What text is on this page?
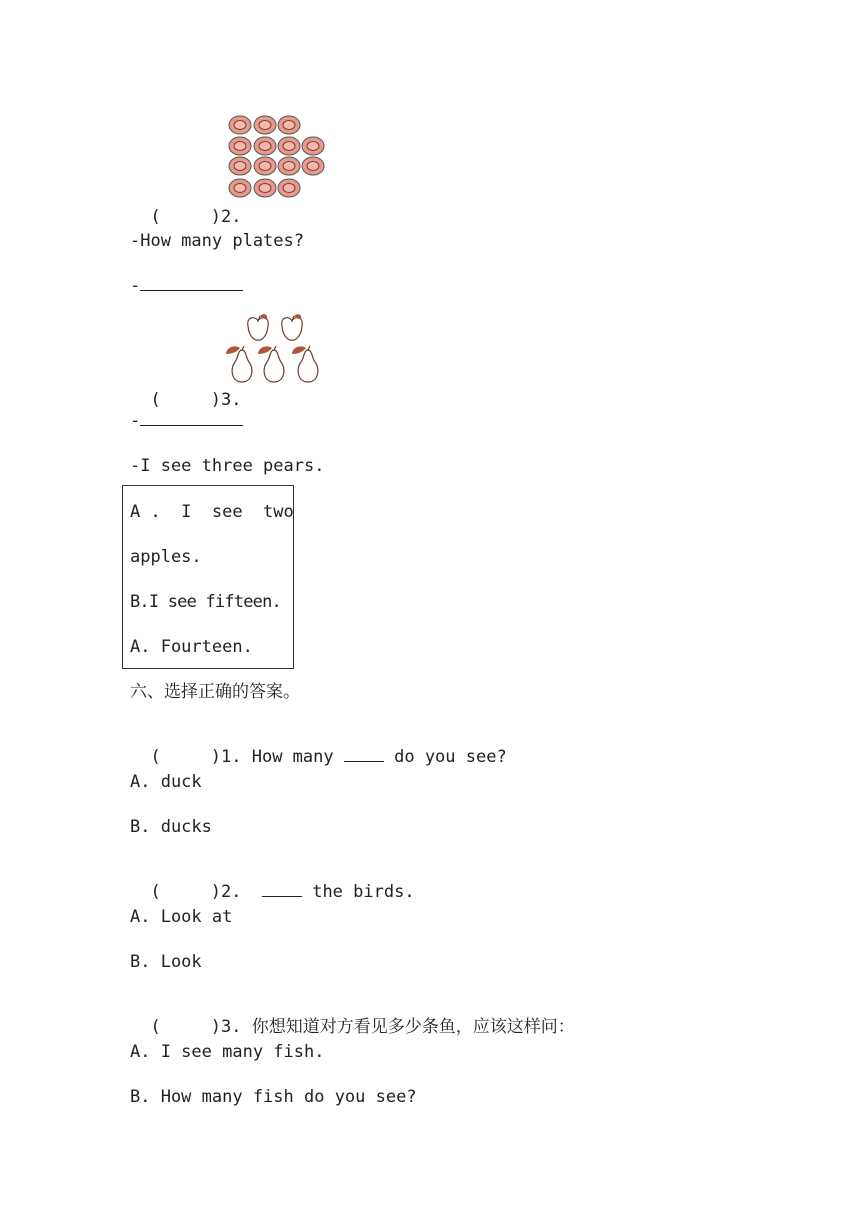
(	)2.

-How many plates?
-

(	)3.

-
-I see three pears.
A .  I  see  two
apples.
B.I see fifteen.
A. Fourteen.
六、选择正确的答案。

(	)1. How many	do you see?

A. duck
B. ducks

(	)2.	the birds.

A. Look at
B. Look

(	)3. 你想知道对方看见多少条鱼，应该这样问：

A. I see many fish.
B. How many fish do you see?
